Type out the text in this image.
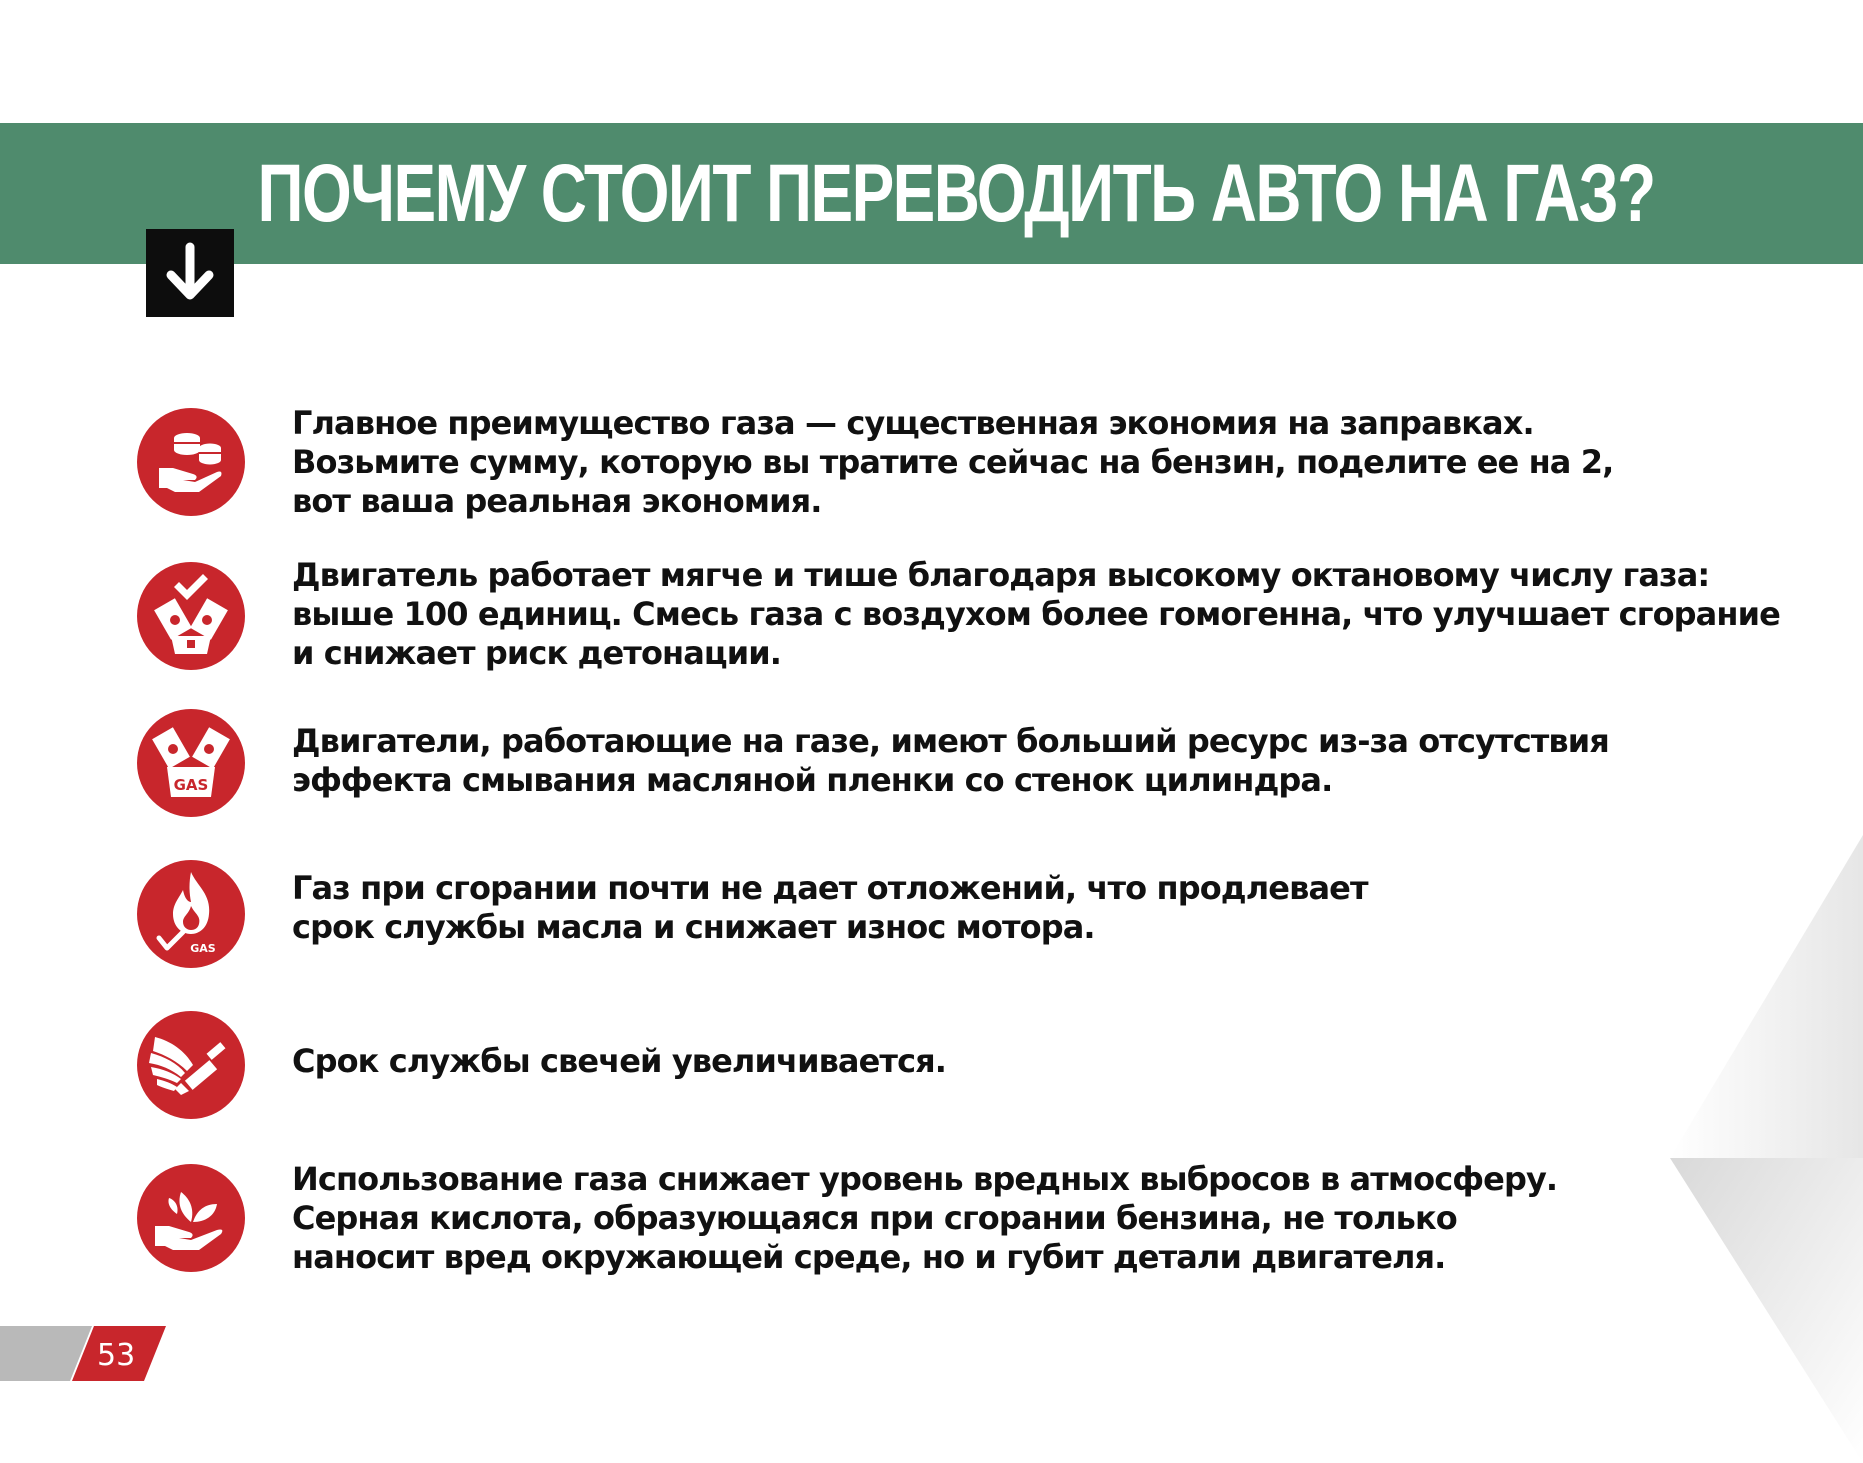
ПОЧЕМУ СТОИТ ПЕРЕВОДИТЬ АВТО НА ГАЗ?
Главное преимущество газа — существенная экономия на заправках.
Возьмите сумму, которую вы тратите сейчас на бензин, поделите ее на 2,
вот ваша реальная экономия.
Двигатель работает мягче и тише благодаря высокому октановому числу газа:
выше 100 единиц. Смесь газа с воздухом более гомогенна, что улучшает сгорание
и снижает риск детонации.
GAS
Двигатели, работающие на газе, имеют больший ресурс из-за отсутствия
эффекта смывания масляной пленки со стенок цилиндра.
GAS
Газ при сгорании почти не дает отложений, что продлевает
срок службы масла и снижает износ мотора.
Срок службы свечей увеличивается.
Использование газа снижает уровень вредных выбросов в атмосферу.
Серная кислота, образующаяся при сгорании бензина, не только
наносит вред окружающей среде, но и губит детали двигателя.
53
